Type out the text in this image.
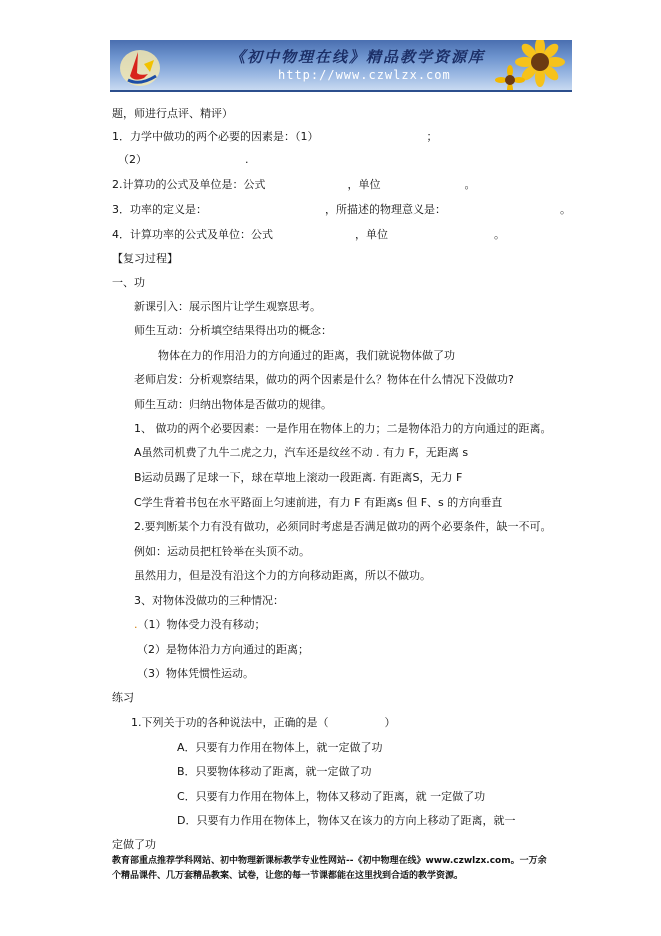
《初中物理在线》精品教学资源库
http://www.czwlzx.com
题，师进行点评、精评）
1．力学中做功的两个必要的因素是：（1）	；
（2）	.
2.计算功的公式及单位是：公式	，单位	。
3．功率的定义是：	，所描述的物理意义是：	。
4．计算功率的公式及单位：公式	，单位	。
【复习过程】
一、功
新课引入：展示图片让学生观察思考。
师生互动：分析填空结果得出功的概念：
物体在力的作用沿力的方向通过的距离，我们就说物体做了功
老师启发：分析观察结果，做功的两个因素是什么？物体在什么情况下没做功?
师生互动：归纳出物体是否做功的规律。
1、 做功的两个必要因素：一是作用在物体上的力；二是物体沿力的方向通过的距离。
A虽然司机费了九牛二虎之力，汽车还是纹丝不动 . 有力 F，无距离 s
B运动员踢了足球一下，球在草地上滚动一段距离. 有距离S，无力 F
C学生背着书包在水平路面上匀速前进，有力 F 有距离s 但 F、s 的方向垂直
2.要判断某个力有没有做功，必须同时考虑是否满足做功的两个必要条件，缺一不可。
例如：运动员把杠铃举在头顶不动。
虽然用力，但是没有沿这个力的方向移动距离，所以不做功。
3、对物体没做功的三种情况：
.（1）物体受力没有移动；
（2）是物体沿力方向通过的距离；
（3）物体凭惯性运动。
练习
1.下列关于功的各种说法中，正确的是（	）
A．只要有力作用在物体上，就一定做了功
B．只要物体移动了距离，就一定做了功
C．只要有力作用在物体上，物体又移动了距离，就 一定做了功
D．只要有力作用在物体上，物体又在该力的方向上移动了距离，就一
定做了功
教育部重点推荐学科网站、初中物理新课标教学专业性网站--《初中物理在线》www.czwlzx.com。一万余
个精品课件、几万套精品教案、试卷，让您的每一节课都能在这里找到合适的教学资源。
